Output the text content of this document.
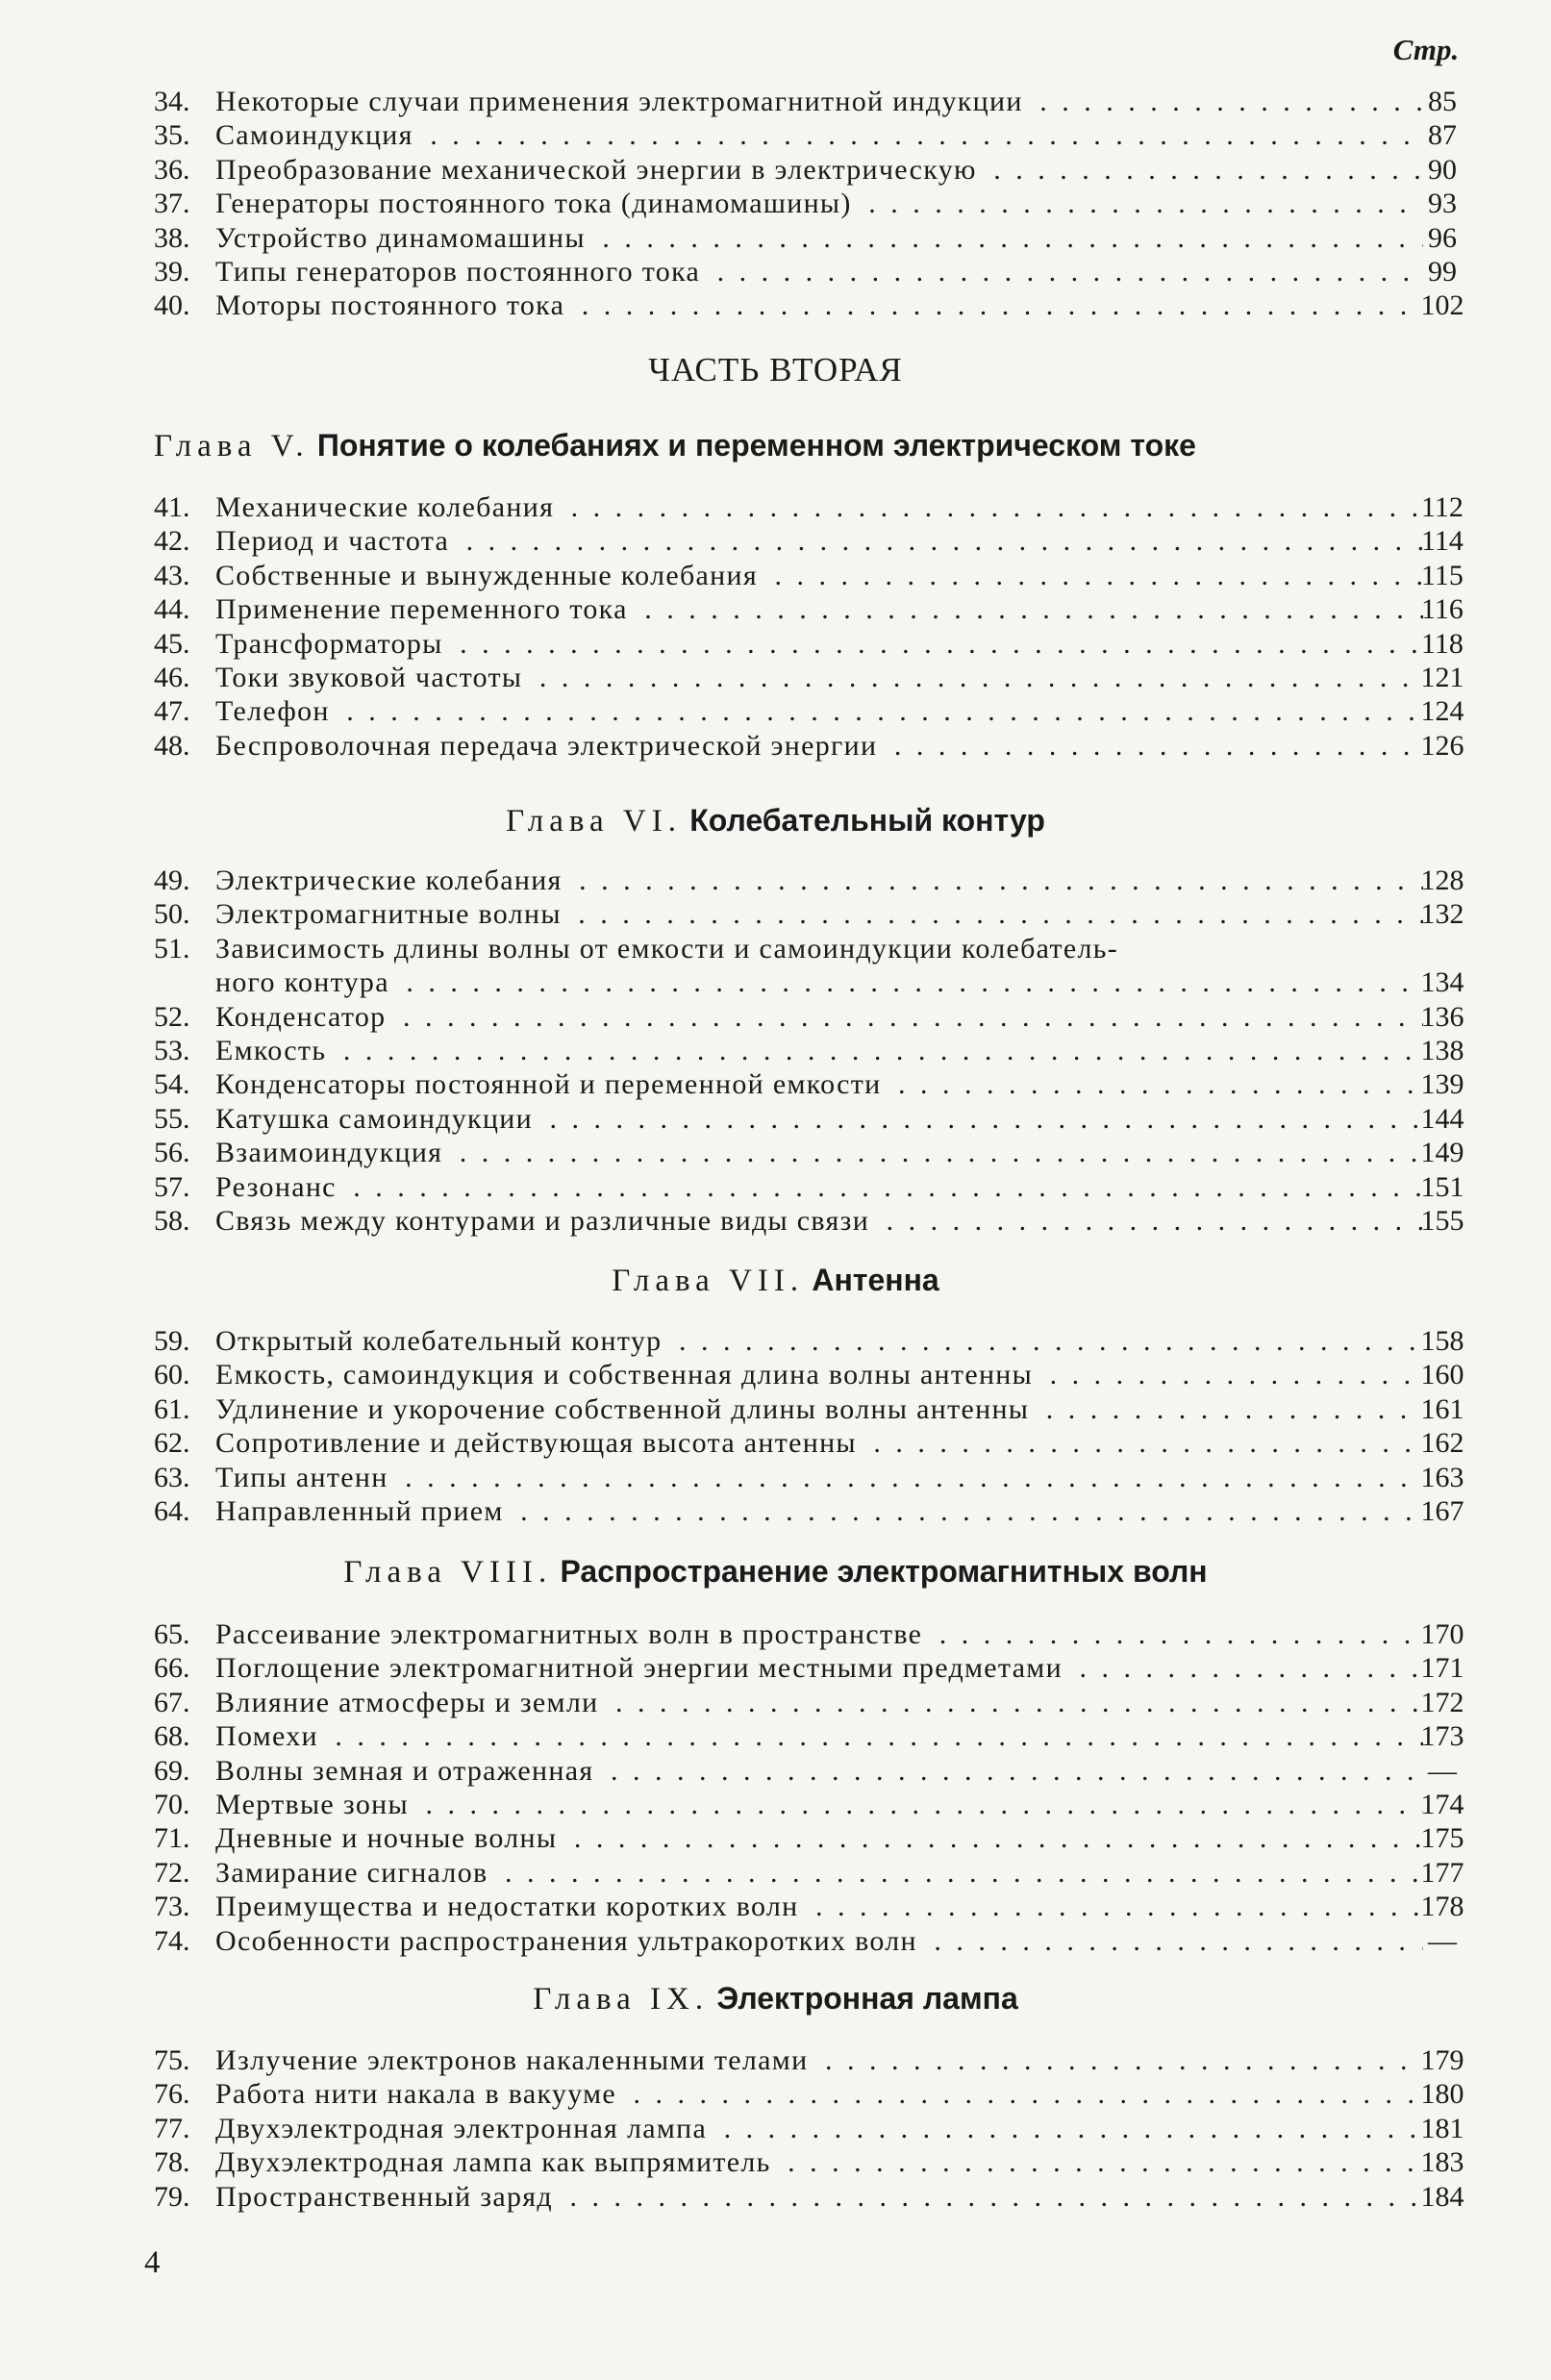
Стр.
34. Некоторые случаи применения электромагнитной индукции . . .	85
35. Самоиндукция . . .	87
36. Преобразование механической энергии в электрическую . . .	90
37. Генераторы постоянного тока (динамомашины) . . .	93
38. Устройство динамомашины . . .	96
39. Типы генераторов постоянного тока . . .	99
40. Моторы постоянного тока . . .	102
ЧАСТЬ ВТОРАЯ
Глава V. Понятие о колебаниях и переменном электрическом токе
41. Механические колебания . . .	112
42. Период и частота . . .	114
43. Собственные и вынужденные колебания . . .	115
44. Применение переменного тока . . .	116
45. Трансформаторы . . .	118
46. Токи звуковой частоты . . .	121
47. Телефон . . .	124
48. Беспроволочная передача электрической энергии . . .	126
Глава VI. Колебательный контур
49. Электрические колебания . . .	128
50. Электромагнитные волны . . .	132
51. Зависимость длины волны от емкости и самоиндукции колебатель-
ного контура . . .	134
52. Конденсатор . . .	136
53. Емкость . . .	138
54. Конденсаторы постоянной и переменной емкости . . .	139
55. Катушка самоиндукции . . .	144
56. Взаимоиндукция . . .	149
57. Резонанс . . .	151
58. Связь между контурами и различные виды связи . . .	155
Глава VII. Антенна
59. Открытый колебательный контур . . .	158
60. Емкость, самоиндукция и собственная длина волны антенны . . .	160
61. Удлинение и укорочение собственной длины волны антенны . . .	161
62. Сопротивление и действующая высота антенны . . .	162
63. Типы антенн . . .	163
64. Направленный прием . . .	167
Глава VIII. Распространение электромагнитных волн
65. Рассеивание электромагнитных волн в пространстве . . .	170
66. Поглощение электромагнитной энергии местными предметами . . .	171
67. Влияние атмосферы и земли . . .	172
68. Помехи . . .	173
69. Волны земная и отраженная . . .	—
70. Мертвые зоны . . .	174
71. Дневные и ночные волны . . .	175
72. Замирание сигналов . . .	177
73. Преимущества и недостатки коротких волн . . .	178
74. Особенности распространения ультракоротких волн . . .	—
Глава IX. Электронная лампа
75. Излучение электронов накаленными телами . . .	179
76. Работа нити накала в вакууме . . .	180
77. Двухэлектродная электронная лампа . . .	181
78. Двухэлектродная лампа как выпрямитель . . .	183
79. Пространственный заряд . . .	184
4
